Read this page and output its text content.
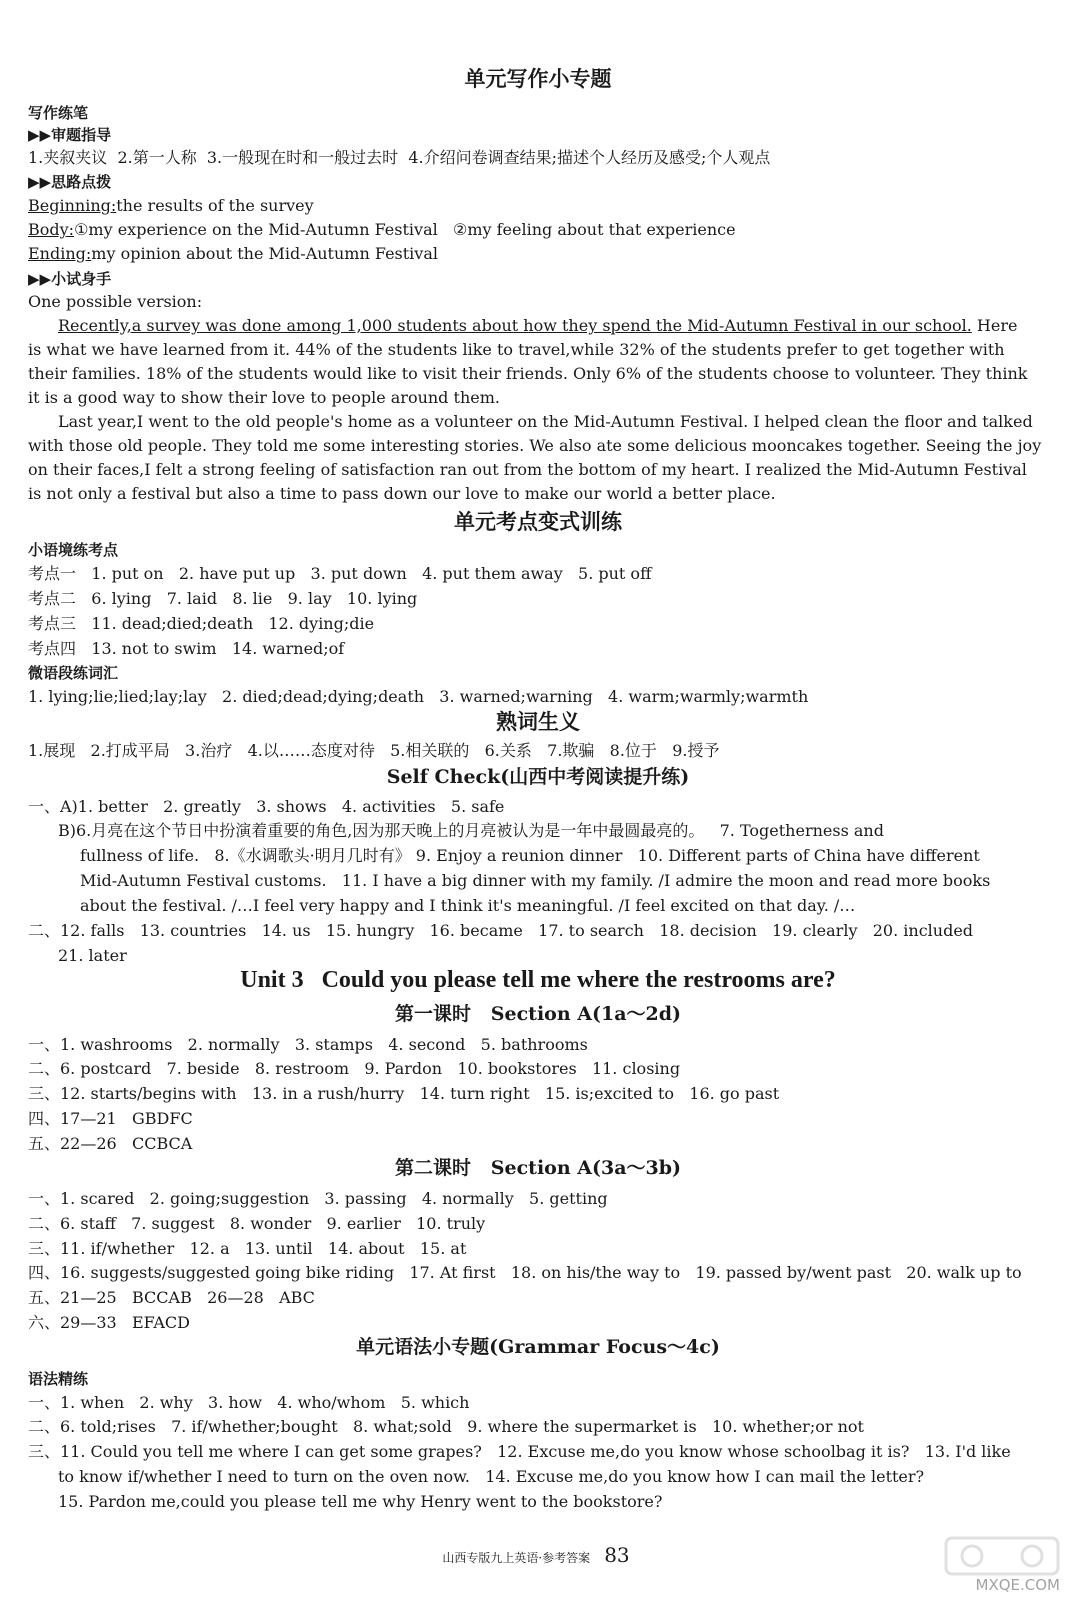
单元写作小专题
写作练笔
▶▶审题指导
1.夹叙夹议  2.第一人称  3.一般现在时和一般过去时  4.介绍问卷调查结果;描述个人经历及感受;个人观点
▶▶思路点拨
Beginning:the results of the survey
Body:①my experience on the Mid-Autumn Festival   ②my feeling about that experience
Ending:my opinion about the Mid-Autumn Festival
▶▶小试身手
One possible version:
Recently,a survey was done among 1,000 students about how they spend the Mid-Autumn Festival in our school. Here
is what we have learned from it. 44% of the students like to travel,while 32% of the students prefer to get together with
their families. 18% of the students would like to visit their friends. Only 6% of the students choose to volunteer. They think
it is a good way to show their love to people around them.
Last year,I went to the old people's home as a volunteer on the Mid-Autumn Festival. I helped clean the floor and talked
with those old people. They told me some interesting stories. We also ate some delicious mooncakes together. Seeing the joy
on their faces,I felt a strong feeling of satisfaction ran out from the bottom of my heart. I realized the Mid-Autumn Festival
is not only a festival but also a time to pass down our love to make our world a better place.
单元考点变式训练
小语境练考点
考点一   1. put on   2. have put up   3. put down   4. put them away   5. put off
考点二   6. lying   7. laid   8. lie   9. lay   10. lying
考点三   11. dead;died;death   12. dying;die
考点四   13. not to swim   14. warned;of
微语段练词汇
1. lying;lie;lied;lay;lay   2. died;dead;dying;death   3. warned;warning   4. warm;warmly;warmth
熟词生义
1.展现   2.打成平局   3.治疗   4.以……态度对待   5.相关联的   6.关系   7.欺骗   8.位于   9.授予
Self Check(山西中考阅读提升练)
一、A)1. better   2. greatly   3. shows   4. activities   5. safe
B)6.月亮在这个节日中扮演着重要的角色,因为那天晚上的月亮被认为是一年中最圆最亮的。   7. Togetherness and
fullness of life.   8.《水调歌头·明月几时有》 9. Enjoy a reunion dinner   10. Different parts of China have different
Mid-Autumn Festival customs.   11. I have a big dinner with my family. /I admire the moon and read more books
about the festival. /…I feel very happy and I think it's meaningful. /I feel excited on that day. /…
二、12. falls   13. countries   14. us   15. hungry   16. became   17. to search   18. decision   19. clearly   20. included
21. later
Unit 3   Could you please tell me where the restrooms are?
第一课时   Section A(1a～2d)
一、1. washrooms   2. normally   3. stamps   4. second   5. bathrooms
二、6. postcard   7. beside   8. restroom   9. Pardon   10. bookstores   11. closing
三、12. starts/begins with   13. in a rush/hurry   14. turn right   15. is;excited to   16. go past
四、17—21   GBDFC
五、22—26   CCBCA
第二课时   Section A(3a～3b)
一、1. scared   2. going;suggestion   3. passing   4. normally   5. getting
二、6. staff   7. suggest   8. wonder   9. earlier   10. truly
三、11. if/whether   12. a   13. until   14. about   15. at
四、16. suggests/suggested going bike riding   17. At first   18. on his/the way to   19. passed by/went past   20. walk up to
五、21—25   BCCAB   26—28   ABC
六、29—33   EFACD
单元语法小专题(Grammar Focus～4c)
语法精练
一、1. when   2. why   3. how   4. who/whom   5. which
二、6. told;rises   7. if/whether;bought   8. what;sold   9. where the supermarket is   10. whether;or not
三、11. Could you tell me where I can get some grapes?   12. Excuse me,do you know whose schoolbag it is?   13. I'd like
to know if/whether I need to turn on the oven now.   14. Excuse me,do you know how I can mail the letter?
15. Pardon me,could you please tell me why Henry went to the bookstore?
山西专版九上英语·参考答案 83
MXQE.COM
